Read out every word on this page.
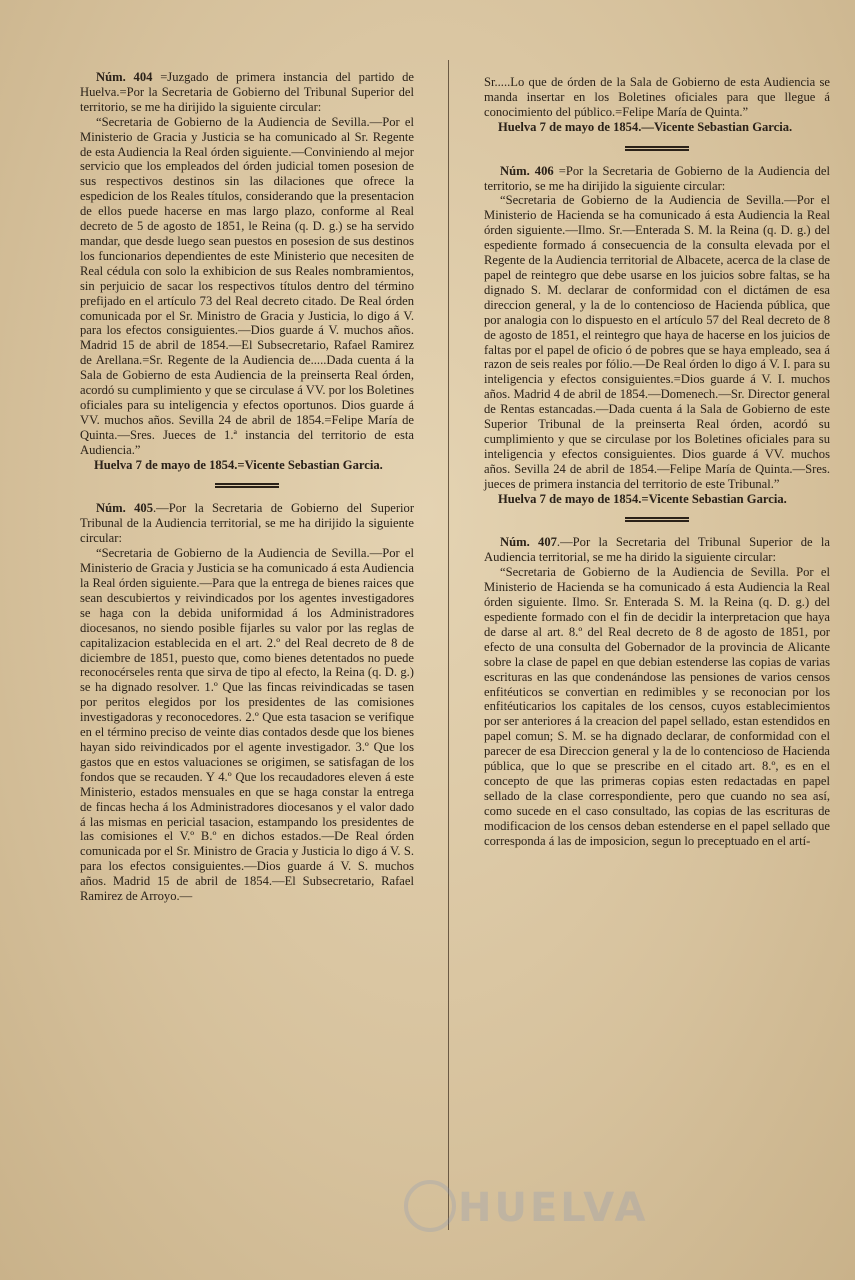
Núm. 404 =Juzgado de primera instancia del partido de Huelva.=Por la Secretaria de Gobierno del Tribunal Superior del territorio, se me ha dirijido la siguiente circular:

“Secretaria de Gobierno de la Audiencia de Sevilla.—Por el Ministerio de Gracia y Justicia se ha comunicado al Sr. Regente de esta Audiencia la Real órden siguiente.—Conviniendo al mejor servicio que los empleados del órden judicial tomen posesion de sus respectivos destinos sin las dilaciones que ofrece la espedicion de los Reales títulos, considerando que la presentacion de ellos puede hacerse en mas largo plazo, conforme al Real decreto de 5 de agosto de 1851, le Reina (q. D. g.) se ha servido mandar, que desde luego sean puestos en posesion de sus destinos los funcionarios dependientes de este Ministerio que necesiten de Real cédula con solo la exhibicion de sus Reales nombramientos, sin perjuicio de sacar los respectivos títulos dentro del término prefijado en el artículo 73 del Real decreto citado. De Real órden comunicada por el Sr. Ministro de Gracia y Justicia, lo digo á V. para los efectos consiguientes.—Dios guarde á V. muchos años. Madrid 15 de abril de 1854.—El Subsecretario, Rafael Ramirez de Arellana.=Sr. Regente de la Audiencia de.....Dada cuenta á la Sala de Gobierno de esta Audiencia de la preinserta Real órden, acordó su cumplimiento y que se circulase á VV. por los Boletines oficiales para su inteligencia y efectos oportunos. Dios guarde á VV. muchos años. Sevilla 24 de abril de 1854.=Felipe María de Quinta.—Sres. Jueces de 1.ª instancia del territorio de esta Audiencia.”

Huelva 7 de mayo de 1854.=Vicente Sebastian Garcia.

Núm. 405.—Por la Secretaria de Gobierno del Superior Tribunal de la Audiencia territorial, se me ha dirijido la siguiente circular:

“Secretaria de Gobierno de la Audiencia de Sevilla.—Por el Ministerio de Gracia y Justicia se ha comunicado á esta Audiencia la Real órden siguiente.—Para que la entrega de bienes raices que sean descubiertos y reivindicados por los agentes investigadores se haga con la debida uniformidad á los Administradores diocesanos, no siendo posible fijarles su valor por las reglas de capitalizacion establecida en el art. 2.º del Real decreto de 8 de diciembre de 1851, puesto que, como bienes detentados no puede reconocérseles renta que sirva de tipo al efecto, la Reina (q. D. g.) se ha dignado resolver. 1.º Que las fincas reivindicadas se tasen por peritos elegidos por los presidentes de las comisiones investigadoras y reconocedores. 2.º Que esta tasacion se verifique en el término preciso de veinte dias contados desde que los bienes hayan sido reivindicados por el agente investigador. 3.º Que los gastos que en estos valuaciones se origimen, se satisfagan de los fondos que se recauden. Y 4.º Que los recaudadores eleven á este Ministerio, estados mensuales en que se haga constar la entrega de fincas hecha á los Administradores diocesanos y el valor dado á las mismas en pericial tasacion, estampando los presidentes de las comisiones el V.º B.º en dichos estados.—De Real órden comunicada por el Sr. Ministro de Gracia y Justicia lo digo á V. S. para los efectos consiguientes.—Dios guarde á V. S. muchos años. Madrid 15 de abril de 1854.—El Subsecretario, Rafael Ramirez de Arroyo.—

Sr.....Lo que de órden de la Sala de Gobierno de esta Audiencia se manda insertar en los Boletines oficiales para que llegue á conocimiento del público.=Felipe María de Quinta.”

Huelva 7 de mayo de 1854.—Vicente Sebastian Garcia.

Núm. 406 =Por la Secretaria de Gobierno de la Audiencia del territorio, se me ha dirijido la siguiente circular:

“Secretaria de Gobierno de la Audiencia de Sevilla.—Por el Ministerio de Hacienda se ha comunicado á esta Audiencia la Real órden siguiente.—Ilmo. Sr.—Enterada S. M. la Reina (q. D. g.) del espediente formado á consecuencia de la consulta elevada por el Regente de la Audiencia territorial de Albacete, acerca de la clase de papel de reintegro que debe usarse en los juicios sobre faltas, se ha dignado S. M. declarar de conformidad con el dictámen de esa direccion general, y la de lo contencioso de Hacienda pública, que por analogia con lo dispuesto en el artículo 57 del Real decreto de 8 de agosto de 1851, el reintegro que haya de hacerse en los juicios de faltas por el papel de oficio ó de pobres que se haya empleado, sea á razon de seis reales por fólio.—De Real órden lo digo á V. I. para su inteligencia y efectos consiguientes.=Dios guarde á V. I. muchos años. Madrid 4 de abril de 1854.—Domenech.—Sr. Director general de Rentas estancadas.—Dada cuenta á la Sala de Gobierno de este Superior Tribunal de la preinserta Real órden, acordó su cumplimiento y que se circulase por los Boletines oficiales para su inteligencia y efectos consiguientes. Dios guarde á VV. muchos años. Sevilla 24 de abril de 1854.—Felipe María de Quinta.—Sres. jueces de primera instancia del territorio de este Tribunal.”

Huelva 7 de mayo de 1854.=Vicente Sebastian Garcia.

Núm. 407.—Por la Secretaria del Tribunal Superior de la Audiencia territorial, se me ha dirido la siguiente circular:

“Secretaria de Gobierno de la Audiencia de Sevilla. Por el Ministerio de Hacienda se ha comunicado á esta Audiencia la Real órden siguiente. Ilmo. Sr. Enterada S. M. la Reina (q. D. g.) del espediente formado con el fin de decidir la interpretacion que haya de darse al art. 8.º del Real decreto de 8 de agosto de 1851, por efecto de una consulta del Gobernador de la provincia de Alicante sobre la clase de papel en que debian estenderse las copias de varias escrituras en las que condenándose las pensiones de varios censos enfitéuticos se convertian en redimibles y se reconocian por los enfitéuticarios los capitales de los censos, cuyos establecimientos por ser anteriores á la creacion del papel sellado, estan estendidos en papel comun; S. M. se ha dignado declarar, de conformidad con el parecer de esa Direccion general y la de lo contencioso de Hacienda pública, que lo que se prescribe en el citado art. 8.º, es en el concepto de que las primeras copias esten redactadas en papel sellado de la clase correspondiente, pero que cuando no sea así, como sucede en el caso consultado, las copias de las escrituras de modificacion de los censos deban estenderse en el papel sellado que corresponda á las de imposicion, segun lo preceptuado en el artí-

HUELVA
